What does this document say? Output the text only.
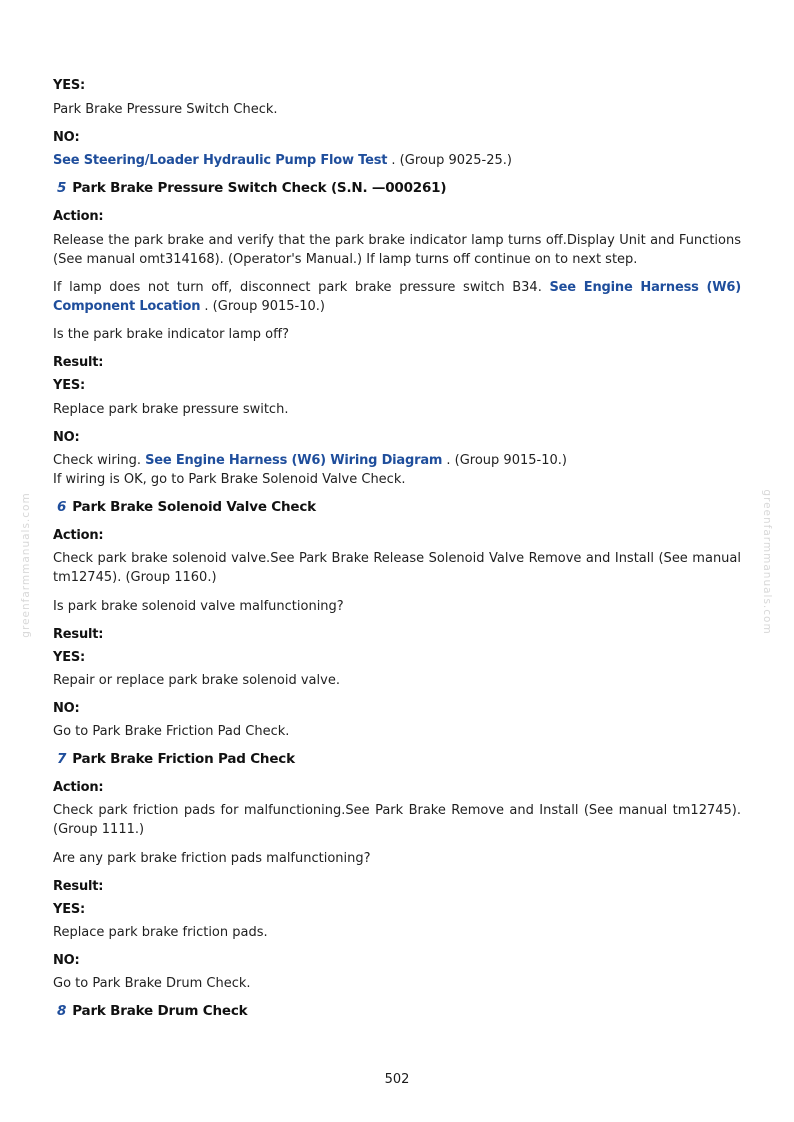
greenfarmmanuals.com	greenfarmmanuals.com
YES:
Park Brake Pressure Switch Check.
NO:
See Steering/Loader Hydraulic Pump Flow Test . (Group 9025-25.)
5 Park Brake Pressure Switch Check (S.N. —000261)
Action:
Release the park brake and verify that the park brake indicator lamp turns off.Display Unit and Functions (See manual omt314168). (Operator's Manual.) If lamp turns off continue on to next step.
If lamp does not turn off, disconnect park brake pressure switch B34. See Engine Harness (W6) Component Location . (Group 9015-10.)
Is the park brake indicator lamp off?
Result:
YES:
Replace park brake pressure switch.
NO:
Check wiring. See Engine Harness (W6) Wiring Diagram . (Group 9015-10.)
If wiring is OK, go to Park Brake Solenoid Valve Check.
6 Park Brake Solenoid Valve Check
Action:
Check park brake solenoid valve.See Park Brake Release Solenoid Valve Remove and Install (See manual tm12745). (Group 1160.)
Is park brake solenoid valve malfunctioning?
Result:
YES:
Repair or replace park brake solenoid valve.
NO:
Go to Park Brake Friction Pad Check.
7 Park Brake Friction Pad Check
Action:
Check park friction pads for malfunctioning.See Park Brake Remove and Install (See manual tm12745). (Group 1111.)
Are any park brake friction pads malfunctioning?
Result:
YES:
Replace park brake friction pads.
NO:
Go to Park Brake Drum Check.
8 Park Brake Drum Check
502
